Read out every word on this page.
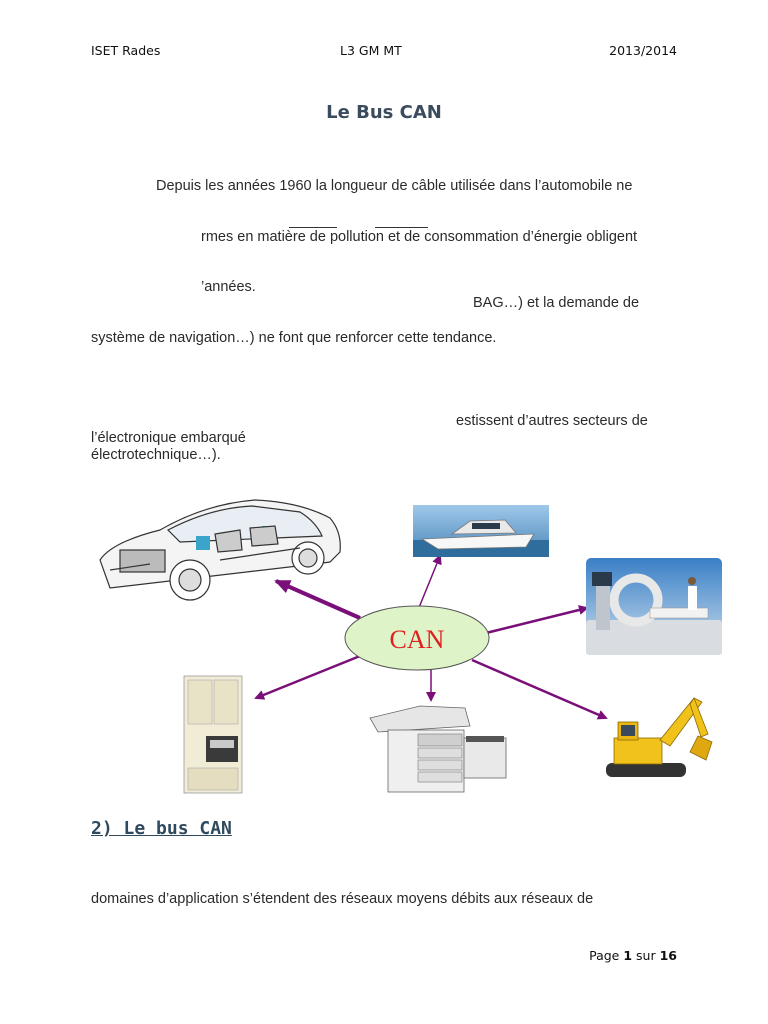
ISET Rades	L3 GM MT	2013/2014
Le Bus CAN
Depuis les années 1960 la longueur de câble utilisée dans l’automobile ne
rmes en matière de pollution et de consommation d’énergie obligent
’années.
BAG…) et la demande de
système de navigation…) ne font que renforcer cette tendance.
estissent d’autres secteurs de
l’électronique embarqué
électrotechnique…).
CAN
2) Le bus CAN
domaines d’application s’étendent des réseaux moyens débits aux réseaux de
Page 1 sur 16
